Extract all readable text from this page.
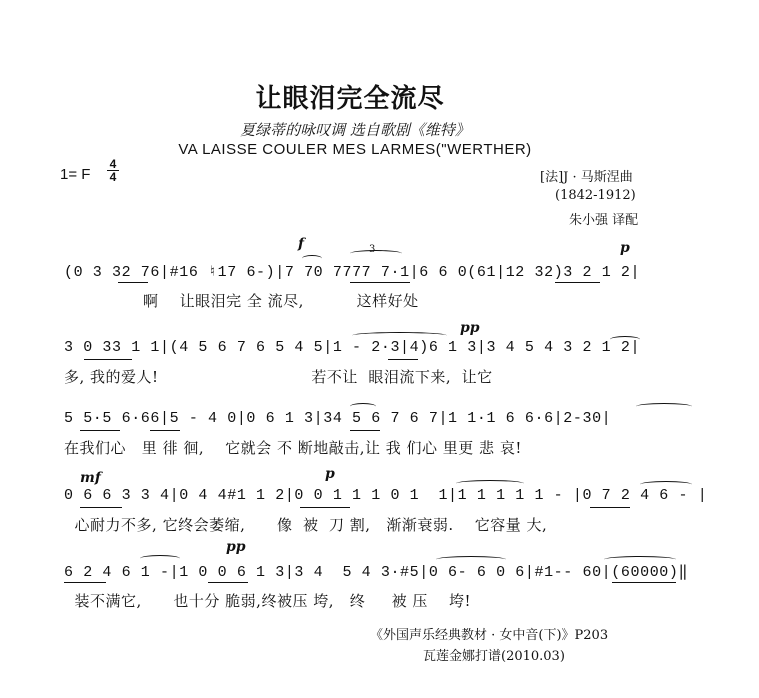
让眼泪完全流尽
夏绿蒂的咏叹调 选自歌剧《维特》
VA LAISSE COULER MES LARMES("WERTHER)
1= F
4
4	[法]J · 马斯涅曲
(1842-1912)
朱小强 译配
f	p
3
(0 3 32 76|#16 ♮17 6-)|7 70 7777 7·1|6 6 0(61|12 32)3 2 1 2|
啊    让眼泪完 全 流尽,          这样好处
pp
3 0 33 1 1|(4 5 6 7 6 5 4 5|1 - 2·3|4)6 1 3|3 4 5 4 3 2 1 2|
多, 我的爱人!                             若不让  眼泪流下来,  让它
5 5·5 6·66|5 - 4 0|0 6 1 3|34 5 6 7 6 7|1 1·1 6 6·6|2-30|
在我们心   里 徘 徊,    它就会 不 断地敲击,让 我 们心 里更 悲 哀!
mf	p
0 6 6 3 3 4|0 4 4#1 1 2|0 0 1 1 1 0 1  1|1 1 1 1 1 - |0 7 2 4 6 - |
心耐力不多, 它终会萎缩,      像  被  刀 割,   渐渐衰弱.    它容量 大,
pp
6 2 4 6 1 -|1 0 0 6 1 3|3 4  5 4 3·#5|0 6- 6 0 6|#1-- 60|(60000)‖
装不满它,      也十分 脆弱,终被压 垮,   终     被 压    垮!
《外国声乐经典教材 · 女中音(下)》P203
瓦莲金娜打谱(2010.03)
